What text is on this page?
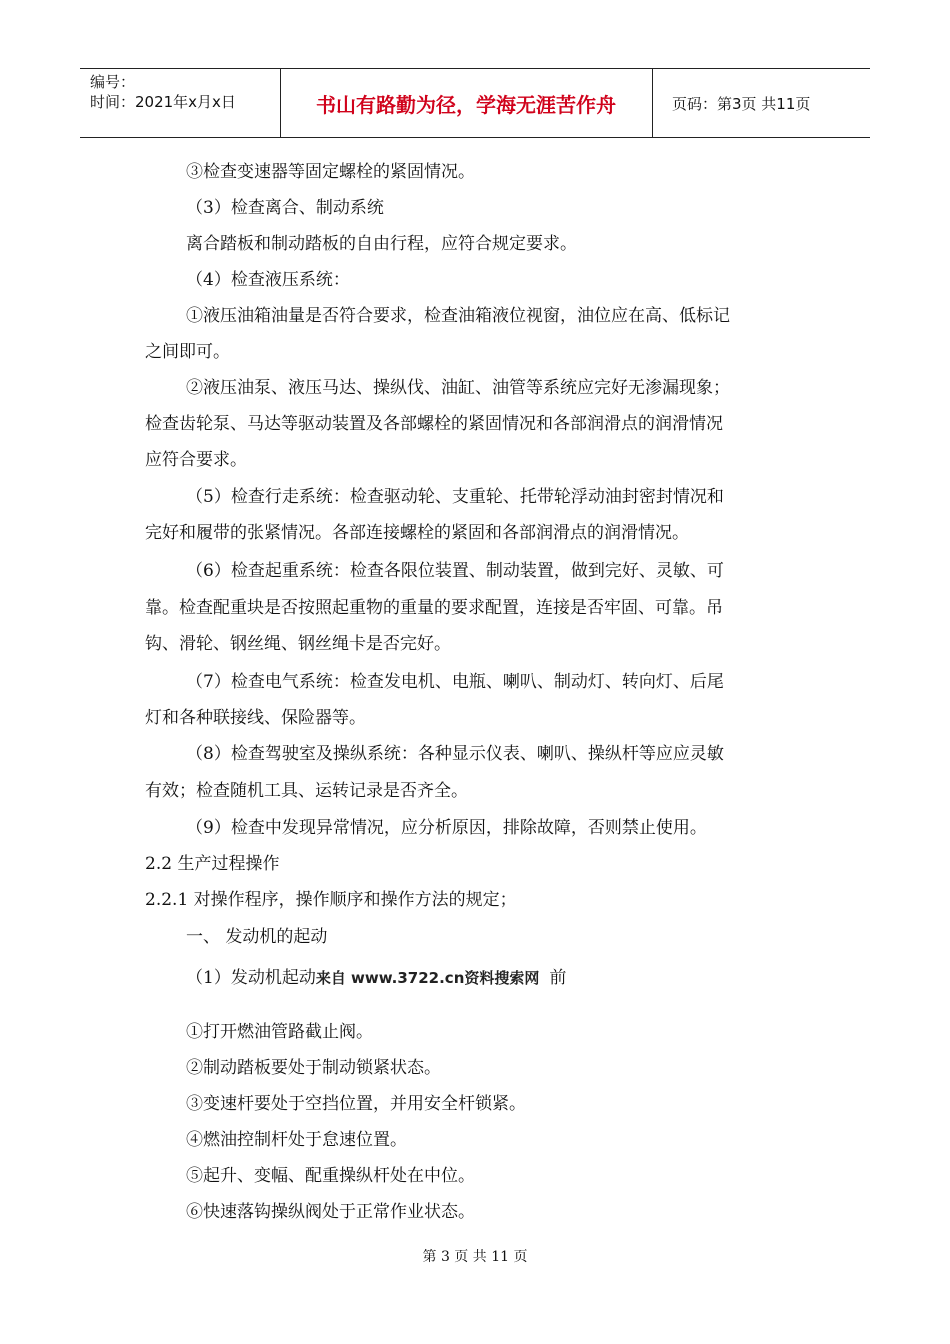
编号：
时间：2021年x月x日	书山有路勤为径，学海无涯苦作舟	页码：第3页 共11页
③检查变速器等固定螺栓的紧固情况。
（3）检查离合、制动系统
离合踏板和制动踏板的自由行程，应符合规定要求。
（4）检查液压系统：
①液压油箱油量是否符合要求，检查油箱液位视窗，油位应在高、低标记
之间即可。
②液压油泵、液压马达、操纵伐、油缸、油管等系统应完好无渗漏现象；
检查齿轮泵、马达等驱动装置及各部螺栓的紧固情况和各部润滑点的润滑情况
应符合要求。
（5）检查行走系统：检查驱动轮、支重轮、托带轮浮动油封密封情况和
完好和履带的张紧情况。各部连接螺栓的紧固和各部润滑点的润滑情况。
（6）检查起重系统：检查各限位装置、制动装置，做到完好、灵敏、可
靠。检查配重块是否按照起重物的重量的要求配置，连接是否牢固、可靠。吊
钩、滑轮、钢丝绳、钢丝绳卡是否完好。
（7）检查电气系统：检查发电机、电瓶、喇叭、制动灯、转向灯、后尾
灯和各种联接线、保险器等。
（8）检查驾驶室及操纵系统：各种显示仪表、喇叭、操纵杆等应应灵敏
有效；检查随机工具、运转记录是否齐全。
（9）检查中发现异常情况，应分析原因，排除故障，否则禁止使用。
2.2 生产过程操作
2.2.1 对操作程序，操作顺序和操作方法的规定；
一、 发动机的起动
（1）发动机起动来自 www.3722.cn资料搜索网 前
①打开燃油管路截止阀。
②制动踏板要处于制动锁紧状态。
③变速杆要处于空挡位置，并用安全杆锁紧。
④燃油控制杆处于怠速位置。
⑤起升、变幅、配重操纵杆处在中位。
⑥快速落钩操纵阀处于正常作业状态。
第 3 页 共 11 页
